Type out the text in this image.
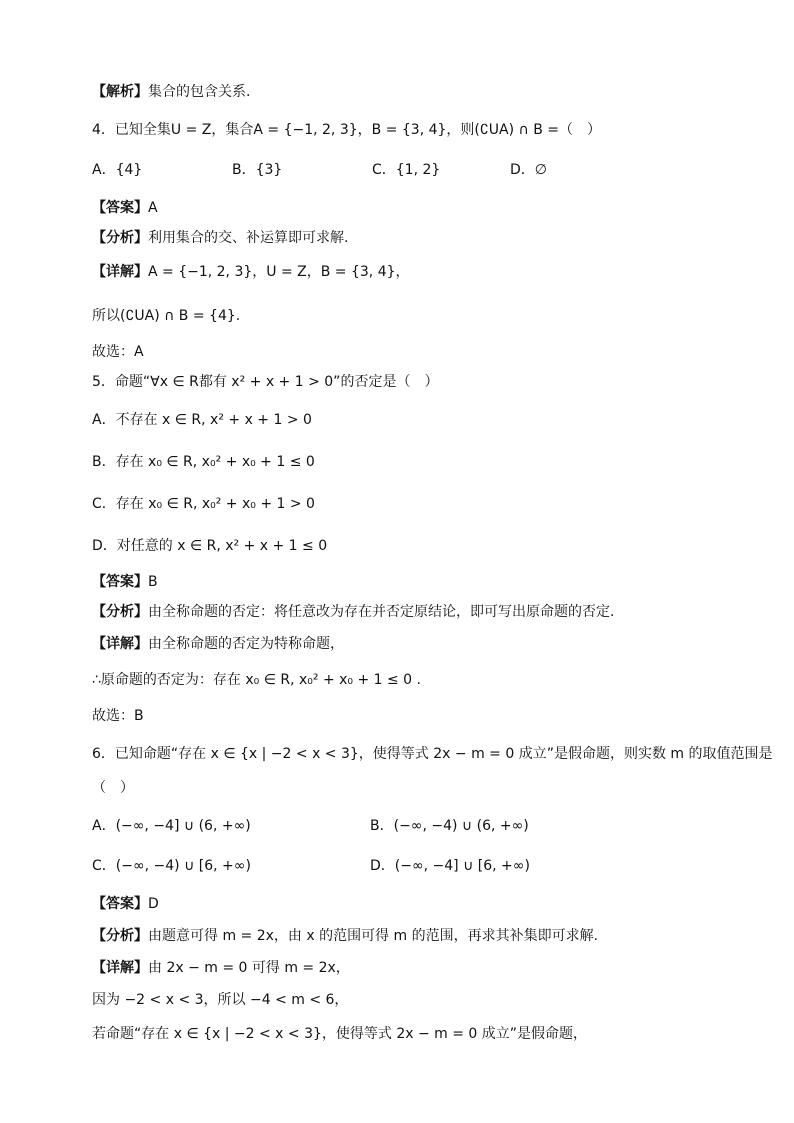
【解析】集合的包含关系.
4．已知全集U = Z，集合A = {−1, 2, 3}，B = {3, 4}，则(∁UA) ∩ B =（　）
A．{4}	B．{3}	C．{1, 2}	D．∅
【答案】A
【分析】利用集合的交、补运算即可求解.
【详解】A = {−1, 2, 3}，U = Z，B = {3, 4}，
所以(∁UA) ∩ B = {4}.
故选：A
5．命题“∀x ∈ R都有 x² + x + 1 > 0”的否定是（　）
A．不存在 x ∈ R, x² + x + 1 > 0
B．存在 x₀ ∈ R, x₀² + x₀ + 1 ≤ 0
C．存在 x₀ ∈ R, x₀² + x₀ + 1 > 0
D．对任意的 x ∈ R, x² + x + 1 ≤ 0
【答案】B
【分析】由全称命题的否定：将任意改为存在并否定原结论，即可写出原命题的否定.
【详解】由全称命题的否定为特称命题，
∴原命题的否定为：存在 x₀ ∈ R, x₀² + x₀ + 1 ≤ 0 .
故选：B
6．已知命题“存在 x ∈ {x | −2 < x < 3}，使得等式 2x − m = 0 成立”是假命题，则实数 m 的取值范围是
（　）
A．(−∞, −4] ∪ (6, +∞)	B．(−∞, −4) ∪ (6, +∞)
C．(−∞, −4) ∪ [6, +∞)	D．(−∞, −4] ∪ [6, +∞)
【答案】D
【分析】由题意可得 m = 2x，由 x 的范围可得 m 的范围，再求其补集即可求解.
【详解】由 2x − m = 0 可得 m = 2x，
因为 −2 < x < 3，所以 −4 < m < 6，
若命题“存在 x ∈ {x | −2 < x < 3}，使得等式 2x − m = 0 成立”是假命题，
